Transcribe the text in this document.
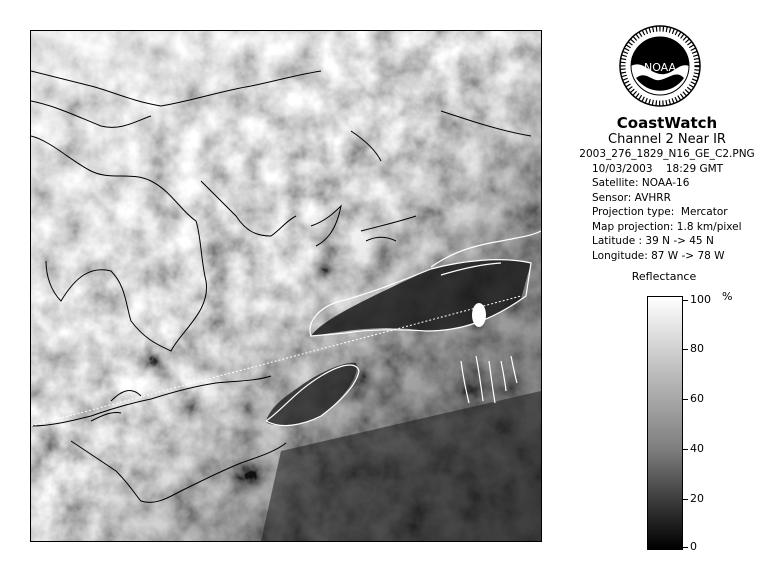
NOAA
CoastWatch
Channel 2 Near IR
2003_276_1829_N16_GE_C2.PNG
10/03/2003    18:29 GMT
Satellite: NOAA-16
Sensor: AVHRR
Projection type:  Mercator
Map projection: 1.8 km/pixel
Latitude : 39 N -> 45 N
Longitude: 87 W -> 78 W
Reflectance
%
100
80
60
40
20
0
